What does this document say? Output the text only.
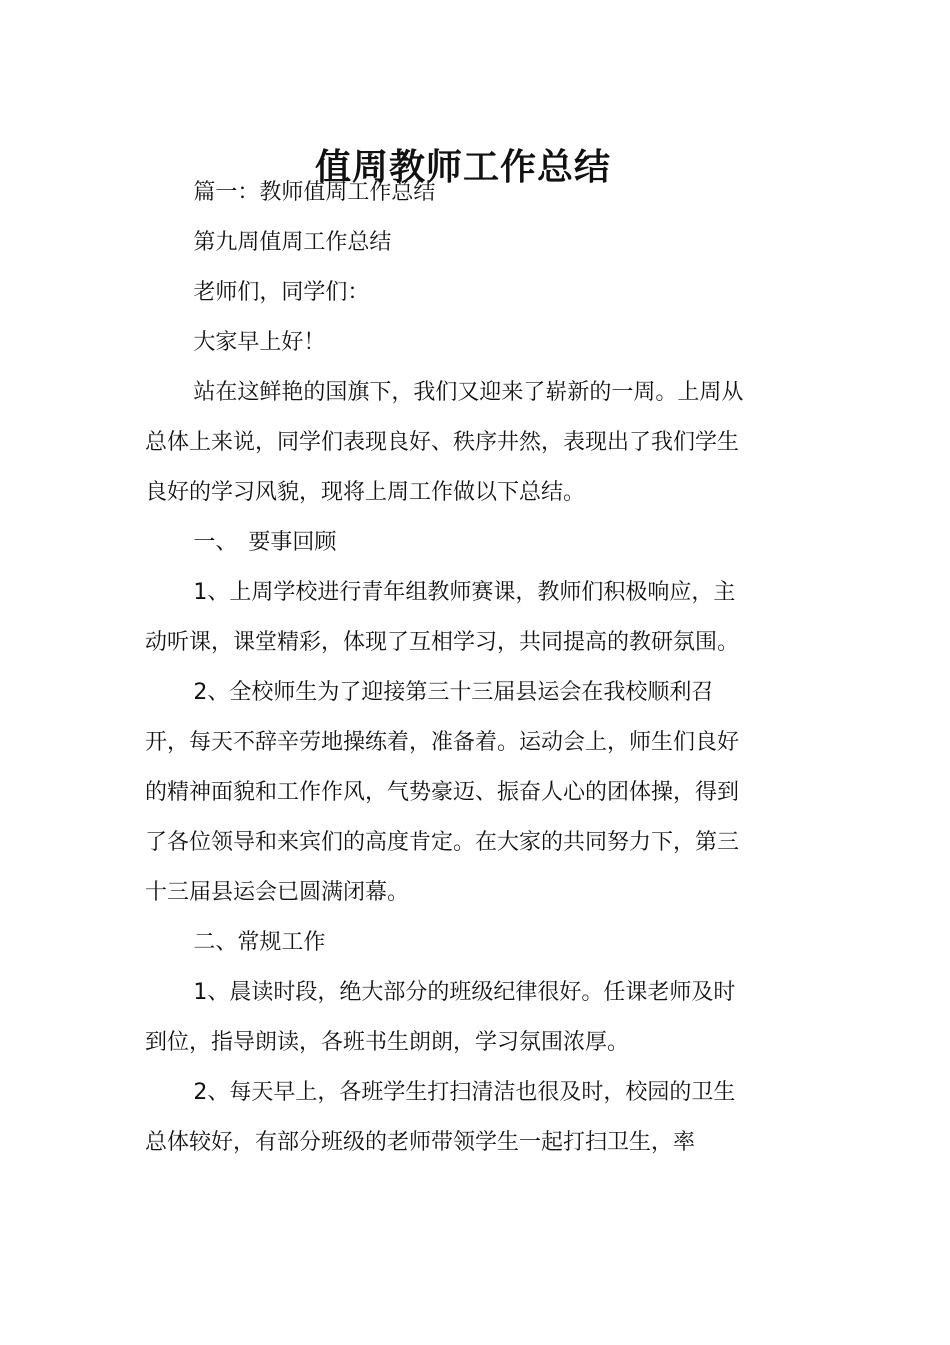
值周教师工作总结

篇一：教师值周工作总结

第九周值周工作总结

老师们，同学们：

大家早上好！

站在这鲜艳的国旗下，我们又迎来了崭新的一周。上周从总体上来说，同学们表现良好、秩序井然，表现出了我们学生良好的学习风貌，现将上周工作做以下总结。

一、　要事回顾

1、上周学校进行青年组教师赛课，教师们积极响应，主动听课，课堂精彩，体现了互相学习，共同提高的教研氛围。

2、全校师生为了迎接第三十三届县运会在我校顺利召开，每天不辞辛劳地操练着，准备着。运动会上，师生们良好的精神面貌和工作作风，气势豪迈、振奋人心的团体操，得到了各位领导和来宾们的高度肯定。在大家的共同努力下，第三十三届县运会已圆满闭幕。

二、常规工作

1、晨读时段，绝大部分的班级纪律很好。任课老师及时到位，指导朗读，各班书生朗朗，学习氛围浓厚。

2、每天早上，各班学生打扫清洁也很及时，校园的卫生总体较好，有部分班级的老师带领学生一起打扫卫生，率
